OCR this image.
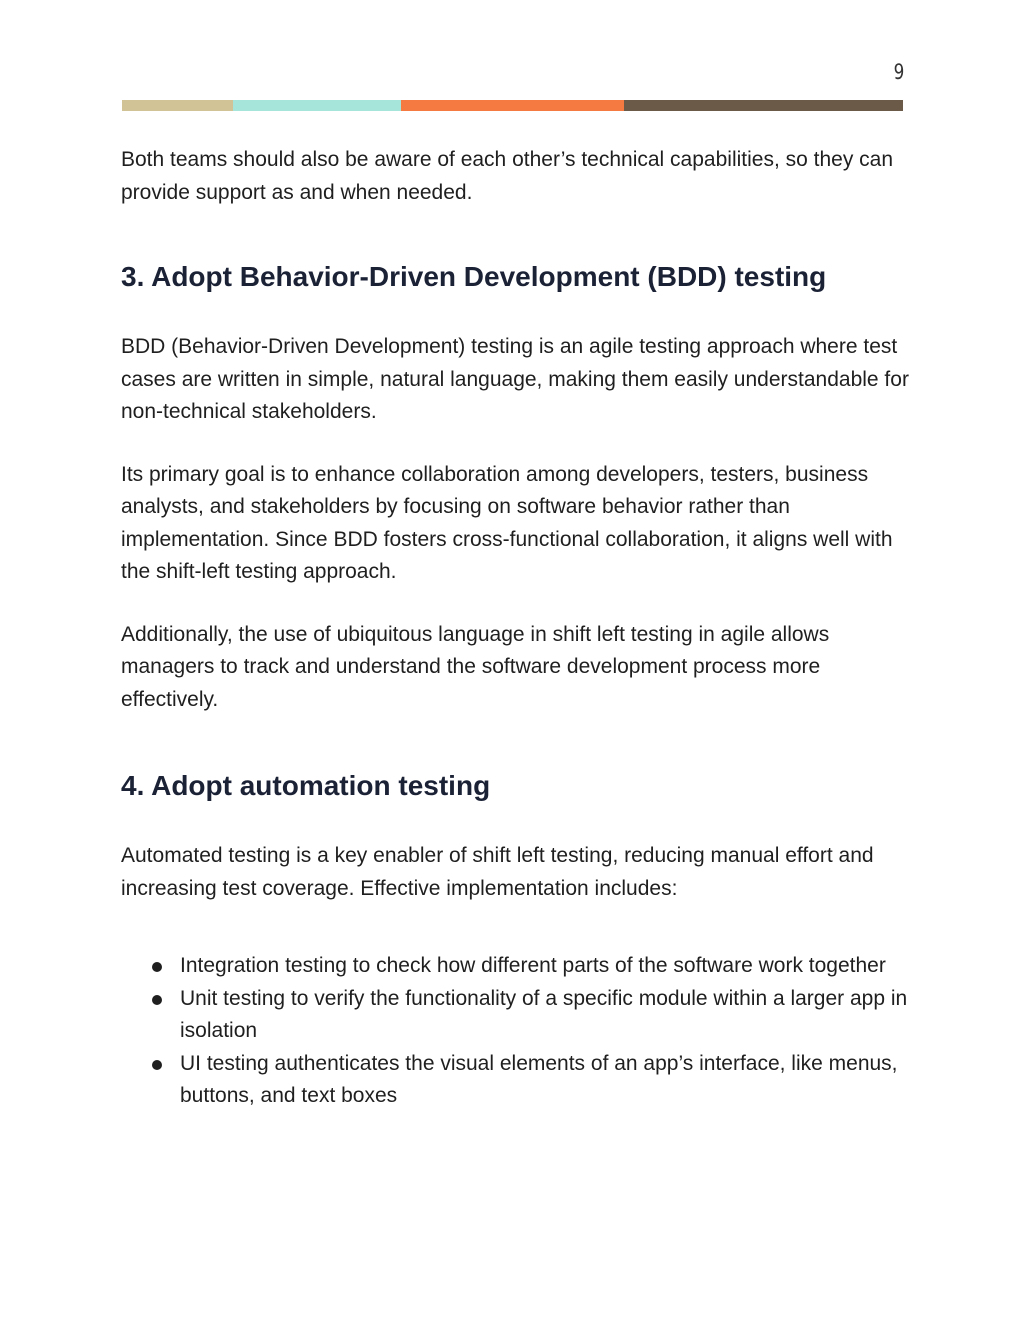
9

Both teams should also be aware of each other’s technical capabilities, so they can provide support as and when needed.

3. Adopt Behavior-Driven Development (BDD) testing

BDD (Behavior-Driven Development) testing is an agile testing approach where test cases are written in simple, natural language, making them easily understandable for non-technical stakeholders.

Its primary goal is to enhance collaboration among developers, testers, business analysts, and stakeholders by focusing on software behavior rather than implementation. Since BDD fosters cross-functional collaboration, it aligns well with the shift-left testing approach.

Additionally, the use of ubiquitous language in shift left testing in agile allows managers to track and understand the software development process more effectively.

4. Adopt automation testing

Automated testing is a key enabler of shift left testing, reducing manual effort and increasing test coverage. Effective implementation includes:

Integration testing to check how different parts of the software work together
Unit testing to verify the functionality of a specific module within a larger app in isolation
UI testing authenticates the visual elements of an app’s interface, like menus, buttons, and text boxes
